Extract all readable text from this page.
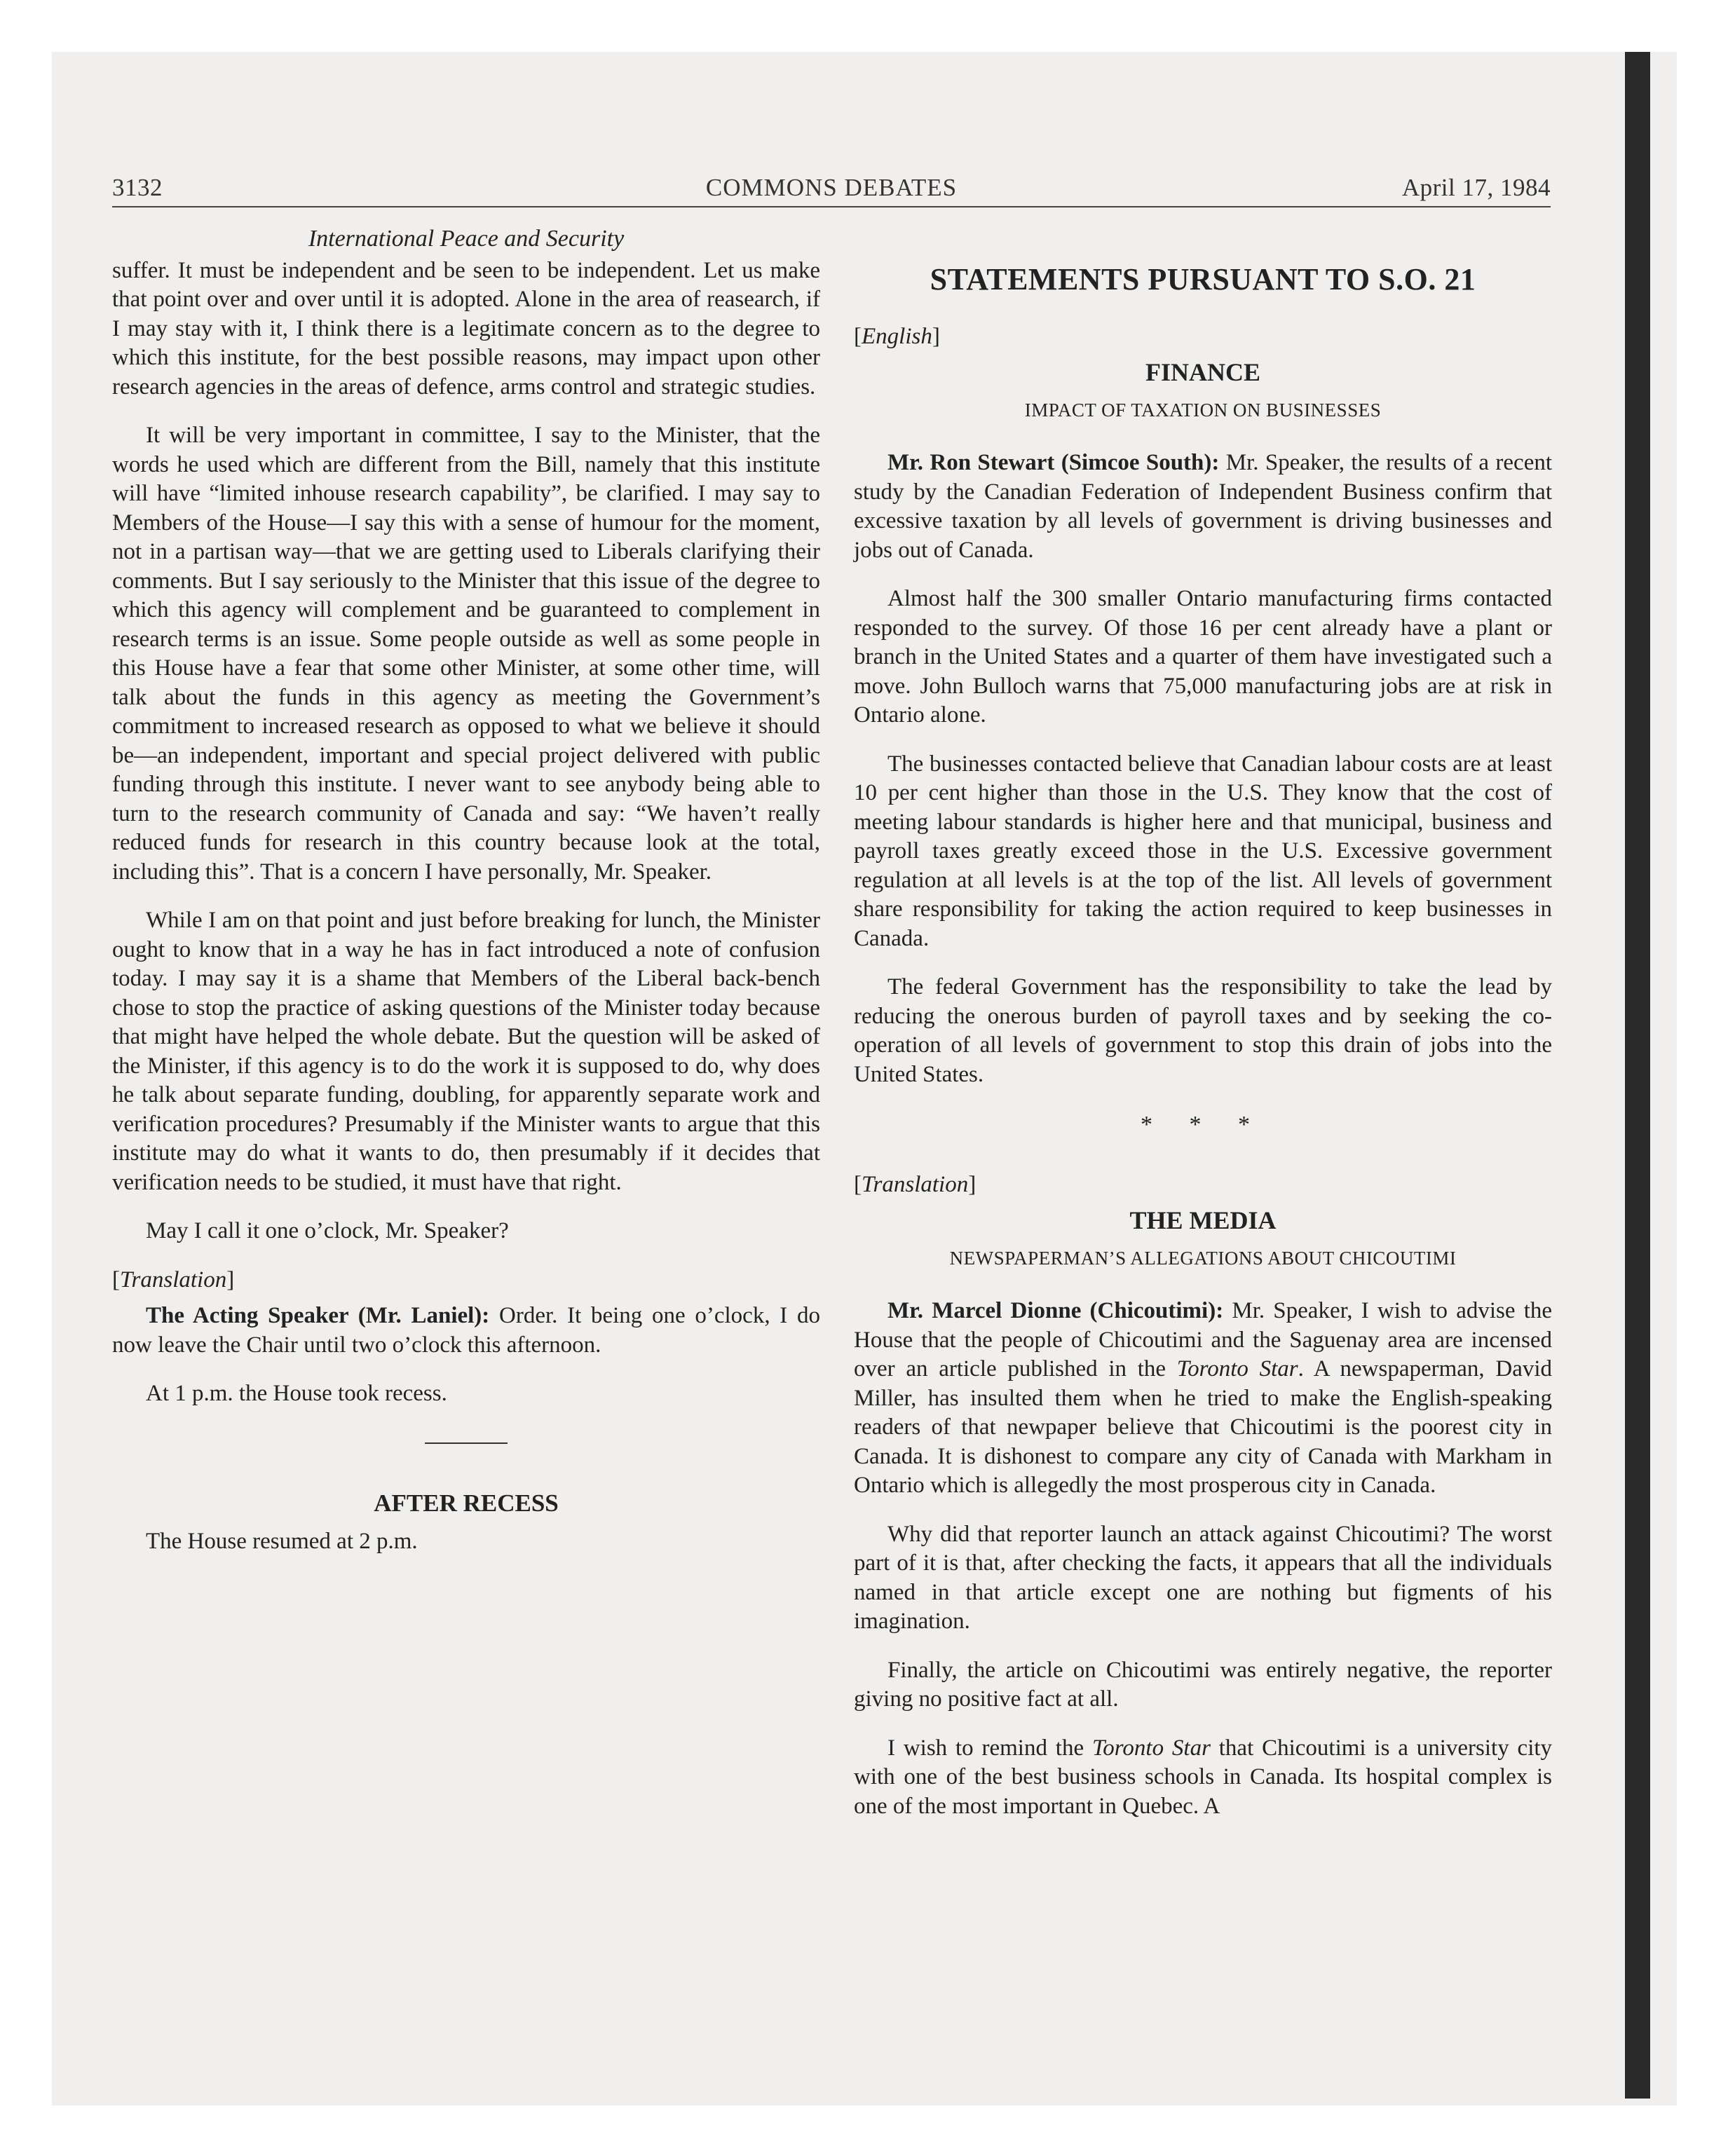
3132	COMMONS DEBATES	April 17, 1984
International Peace and Security

suffer. It must be independent and be seen to be independent. Let us make that point over and over until it is adopted. Alone in the area of reasearch, if I may stay with it, I think there is a legitimate concern as to the degree to which this institute, for the best possible reasons, may impact upon other research agencies in the areas of defence, arms control and strategic studies.

It will be very important in committee, I say to the Minister, that the words he used which are different from the Bill, namely that this institute will have “limited inhouse research capability”, be clarified. I may say to Members of the House—I say this with a sense of humour for the moment, not in a partisan way—that we are getting used to Liberals clarifying their comments. But I say seriously to the Minister that this issue of the degree to which this agency will complement and be guaranteed to complement in research terms is an issue. Some people outside as well as some people in this House have a fear that some other Minister, at some other time, will talk about the funds in this agency as meeting the Government’s commitment to increased research as opposed to what we believe it should be—an independent, important and special project delivered with public funding through this institute. I never want to see anybody being able to turn to the research community of Canada and say: “We haven’t really reduced funds for research in this country because look at the total, including this”. That is a concern I have personally, Mr. Speaker.

While I am on that point and just before breaking for lunch, the Minister ought to know that in a way he has in fact introduced a note of confusion today. I may say it is a shame that Members of the Liberal back-bench chose to stop the practice of asking questions of the Minister today because that might have helped the whole debate. But the question will be asked of the Minister, if this agency is to do the work it is supposed to do, why does he talk about separate funding, doubling, for apparently separate work and verification procedures? Presumably if the Minister wants to argue that this institute may do what it wants to do, then presumably if it decides that verification needs to be studied, it must have that right.

May I call it one o’clock, Mr. Speaker?

[Translation]

The Acting Speaker (Mr. Laniel): Order. It being one o’clock, I do now leave the Chair until two o’clock this afternoon.

At 1 p.m. the House took recess.

AFTER RECESS

The House resumed at 2 p.m.

STATEMENTS PURSUANT TO S.O. 21
[English]
FINANCE
IMPACT OF TAXATION ON BUSINESSES

Mr. Ron Stewart (Simcoe South): Mr. Speaker, the results of a recent study by the Canadian Federation of Independent Business confirm that excessive taxation by all levels of government is driving businesses and jobs out of Canada.

Almost half the 300 smaller Ontario manufacturing firms contacted responded to the survey. Of those 16 per cent already have a plant or branch in the United States and a quarter of them have investigated such a move. John Bulloch warns that 75,000 manufacturing jobs are at risk in Ontario alone.

The businesses contacted believe that Canadian labour costs are at least 10 per cent higher than those in the U.S. They know that the cost of meeting labour standards is higher here and that municipal, business and payroll taxes greatly exceed those in the U.S. Excessive government regulation at all levels is at the top of the list. All levels of government share responsibility for taking the action required to keep businesses in Canada.

The federal Government has the responsibility to take the lead by reducing the onerous burden of payroll taxes and by seeking the co-operation of all levels of government to stop this drain of jobs into the United States.

* * *
[Translation]
THE MEDIA
NEWSPAPERMAN’S ALLEGATIONS ABOUT CHICOUTIMI

Mr. Marcel Dionne (Chicoutimi): Mr. Speaker, I wish to advise the House that the people of Chicoutimi and the Saguenay area are incensed over an article published in the Toronto Star. A newspaperman, David Miller, has insulted them when he tried to make the English-speaking readers of that newpaper believe that Chicoutimi is the poorest city in Canada. It is dishonest to compare any city of Canada with Markham in Ontario which is allegedly the most prosperous city in Canada.

Why did that reporter launch an attack against Chicoutimi? The worst part of it is that, after checking the facts, it appears that all the individuals named in that article except one are nothing but figments of his imagination.

Finally, the article on Chicoutimi was entirely negative, the reporter giving no positive fact at all.

I wish to remind the Toronto Star that Chicoutimi is a university city with one of the best business schools in Canada. Its hospital complex is one of the most important in Quebec. A
